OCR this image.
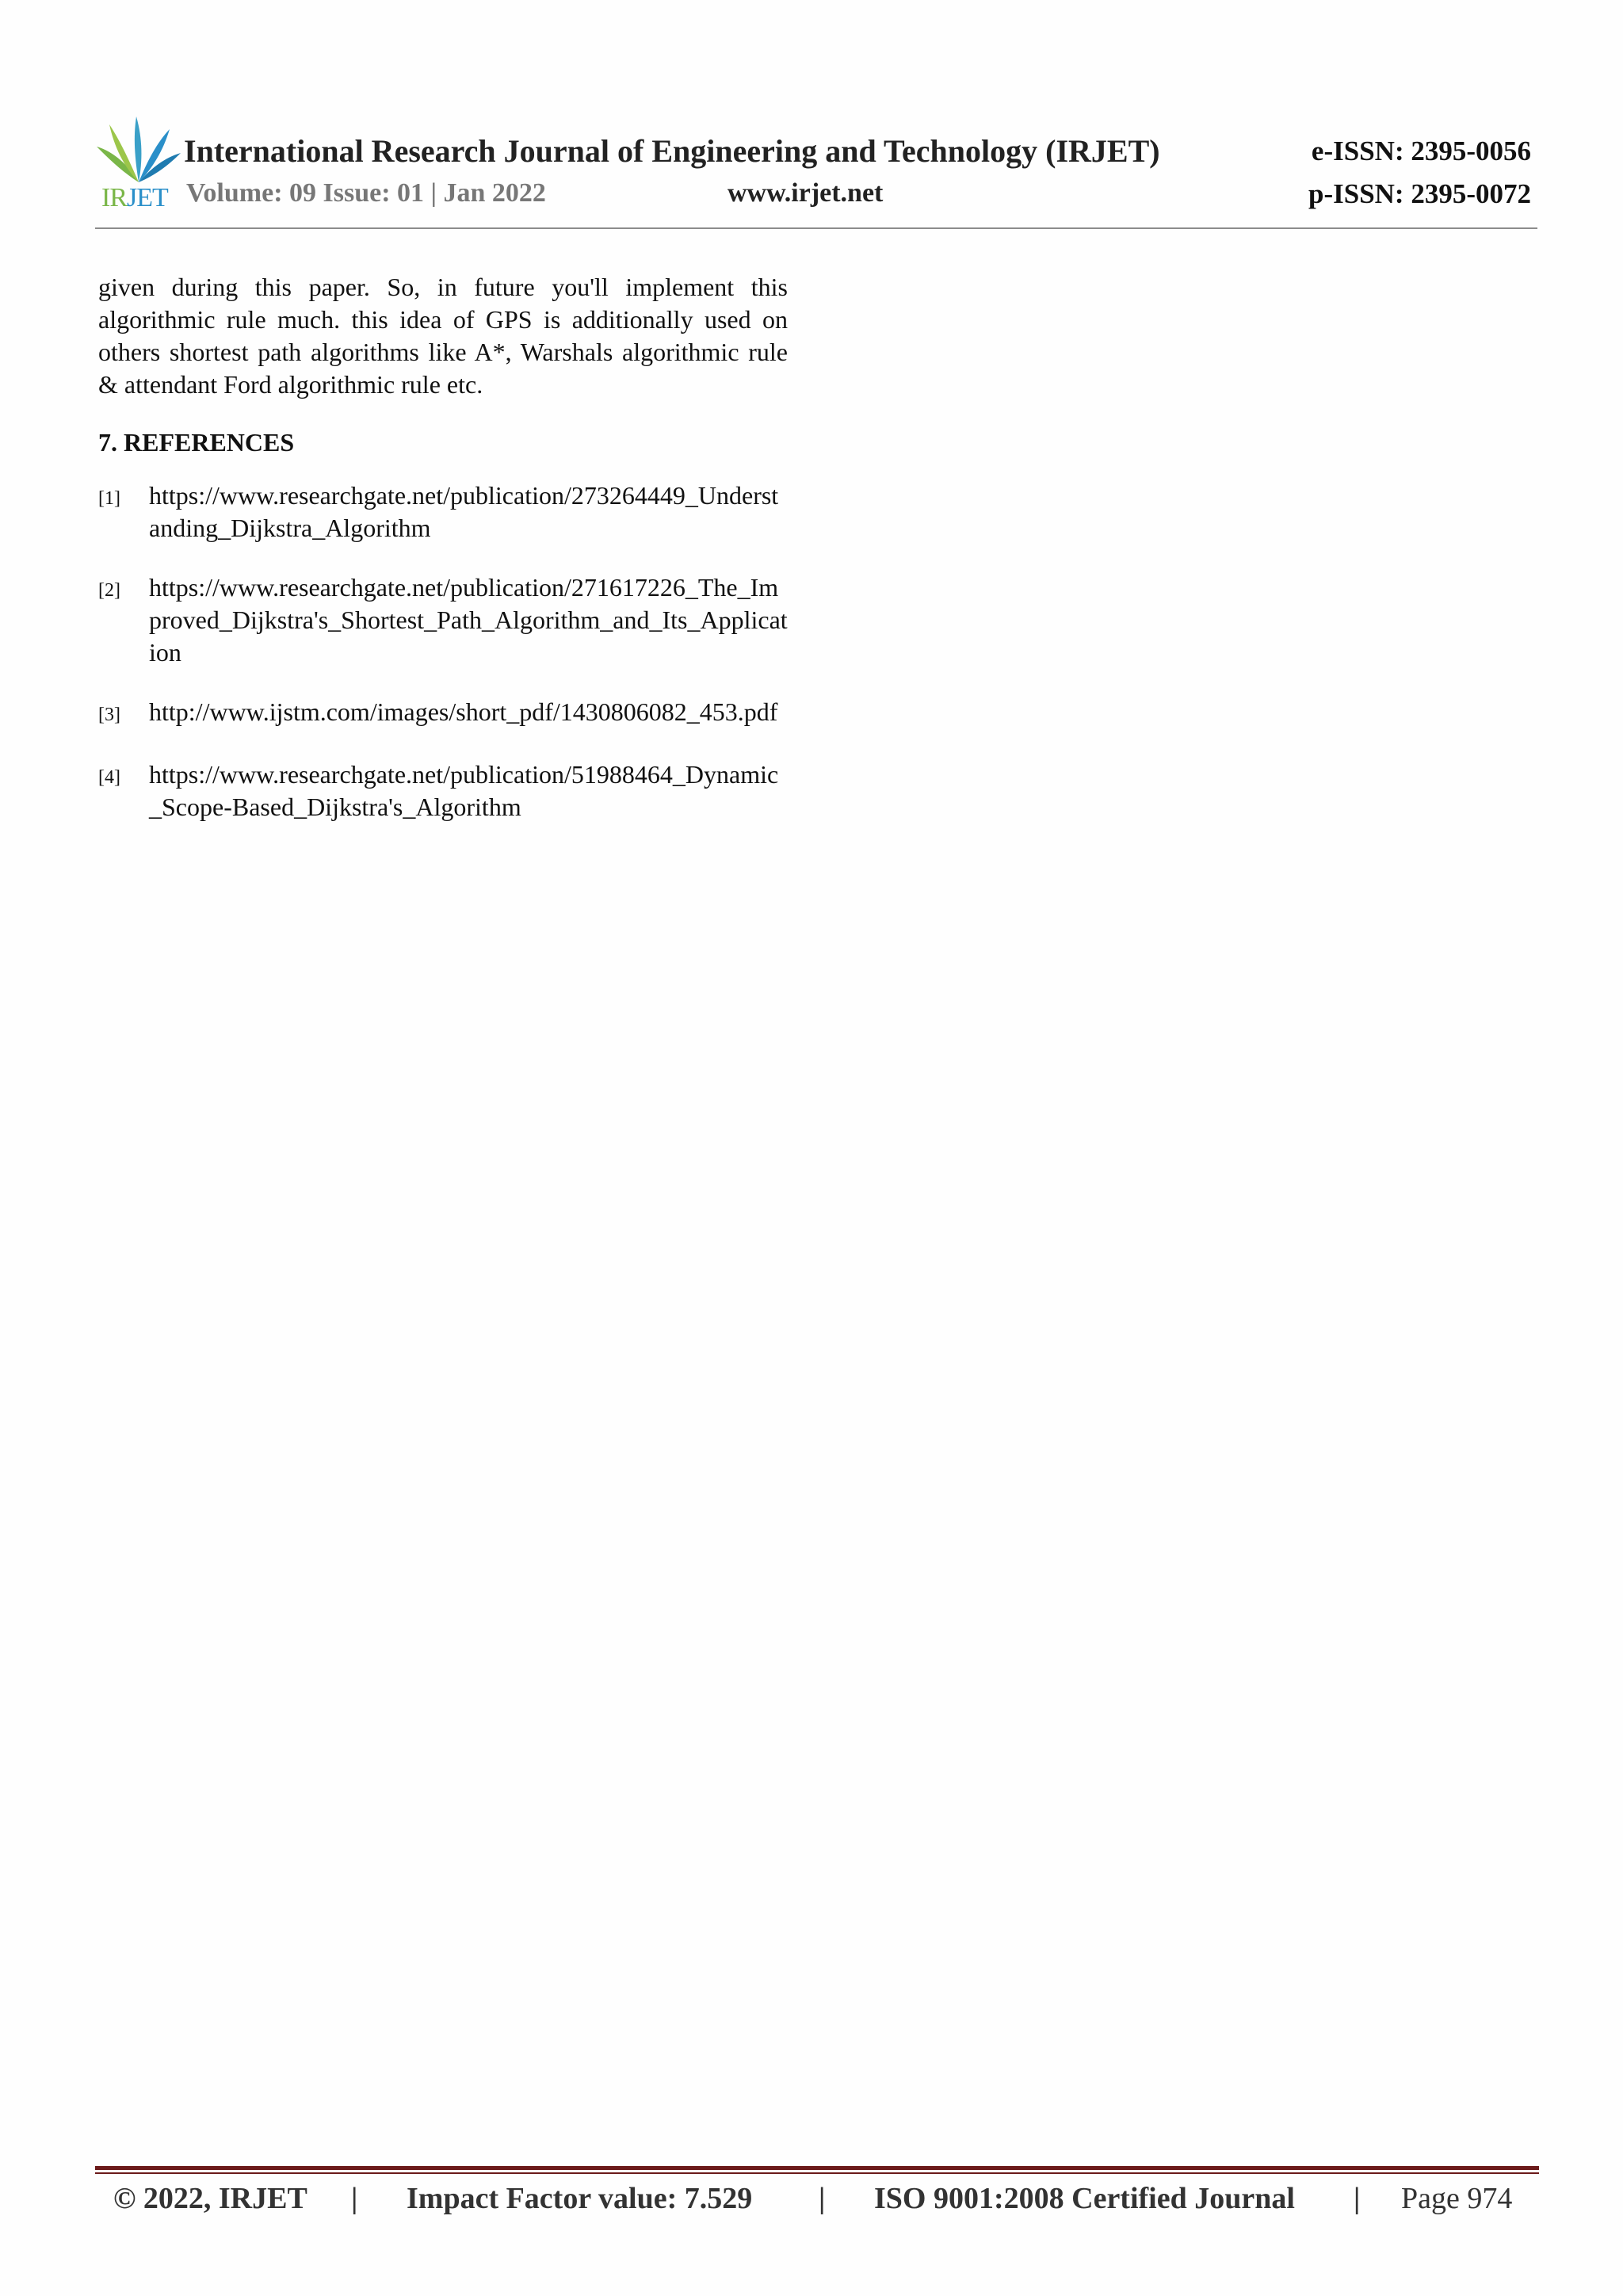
IRJET
International Research Journal of Engineering and Technology (IRJET)	e-ISSN: 2395-0056
Volume: 09 Issue: 01 | Jan 2022	www.irjet.net	p-ISSN: 2395-0072

given during this paper. So, in future you'll implement this algorithmic rule much. this idea of GPS is additionally used on others shortest path algorithms like A*, Warshals algorithmic rule & attendant Ford algorithmic rule etc.

7. REFERENCES
[1]	https://www.researchgate.net/publication/273264449_Understanding_Dijkstra_Algorithm
[2]	https://www.researchgate.net/publication/271617226_The_Improved_Dijkstra's_Shortest_Path_Algorithm_and_Its_Application
[3]	http://www.ijstm.com/images/short_pdf/1430806082_453.pdf
[4]	https://www.researchgate.net/publication/51988464_Dynamic_Scope-Based_Dijkstra's_Algorithm
© 2022, IRJET | Impact Factor value: 7.529 | ISO 9001:2008 Certified Journal | Page 974
